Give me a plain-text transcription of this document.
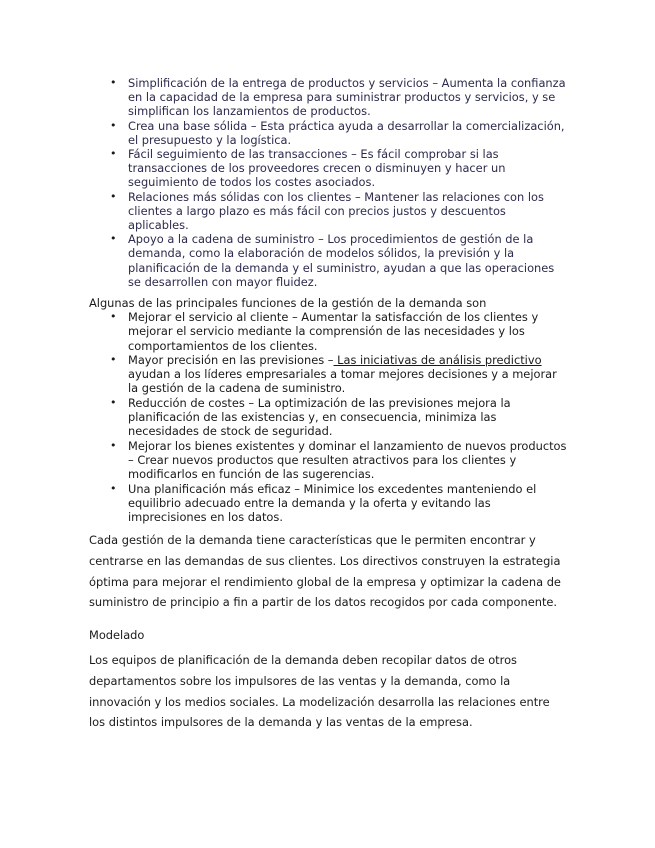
• Simplificación de la entrega de productos y servicios – Aumenta la confianza en la capacidad de la empresa para suministrar productos y servicios, y se simplifican los lanzamientos de productos.
• Crea una base sólida – Esta práctica ayuda a desarrollar la comercialización, el presupuesto y la logística.
• Fácil seguimiento de las transacciones – Es fácil comprobar si las transacciones de los proveedores crecen o disminuyen y hacer un seguimiento de todos los costes asociados.
• Relaciones más sólidas con los clientes – Mantener las relaciones con los clientes a largo plazo es más fácil con precios justos y descuentos aplicables.
• Apoyo a la cadena de suministro – Los procedimientos de gestión de la demanda, como la elaboración de modelos sólidos, la previsión y la planificación de la demanda y el suministro, ayudan a que las operaciones se desarrollen con mayor fluidez.

Algunas de las principales funciones de la gestión de la demanda son

• Mejorar el servicio al cliente – Aumentar la satisfacción de los clientes y mejorar el servicio mediante la comprensión de las necesidades y los comportamientos de los clientes.
• Mayor precisión en las previsiones – Las iniciativas de análisis predictivo ayudan a los líderes empresariales a tomar mejores decisiones y a mejorar la gestión de la cadena de suministro.
• Reducción de costes – La optimización de las previsiones mejora la planificación de las existencias y, en consecuencia, minimiza las necesidades de stock de seguridad.
• Mejorar los bienes existentes y dominar el lanzamiento de nuevos productos – Crear nuevos productos que resulten atractivos para los clientes y modificarlos en función de las sugerencias.
• Una planificación más eficaz – Minimice los excedentes manteniendo el equilibrio adecuado entre la demanda y la oferta y evitando las imprecisiones en los datos.

Cada gestión de la demanda tiene características que le permiten encontrar y centrarse en las demandas de sus clientes. Los directivos construyen la estrategia óptima para mejorar el rendimiento global de la empresa y optimizar la cadena de suministro de principio a fin a partir de los datos recogidos por cada componente.

Modelado

Los equipos de planificación de la demanda deben recopilar datos de otros departamentos sobre los impulsores de las ventas y la demanda, como la innovación y los medios sociales. La modelización desarrolla las relaciones entre los distintos impulsores de la demanda y las ventas de la empresa.
